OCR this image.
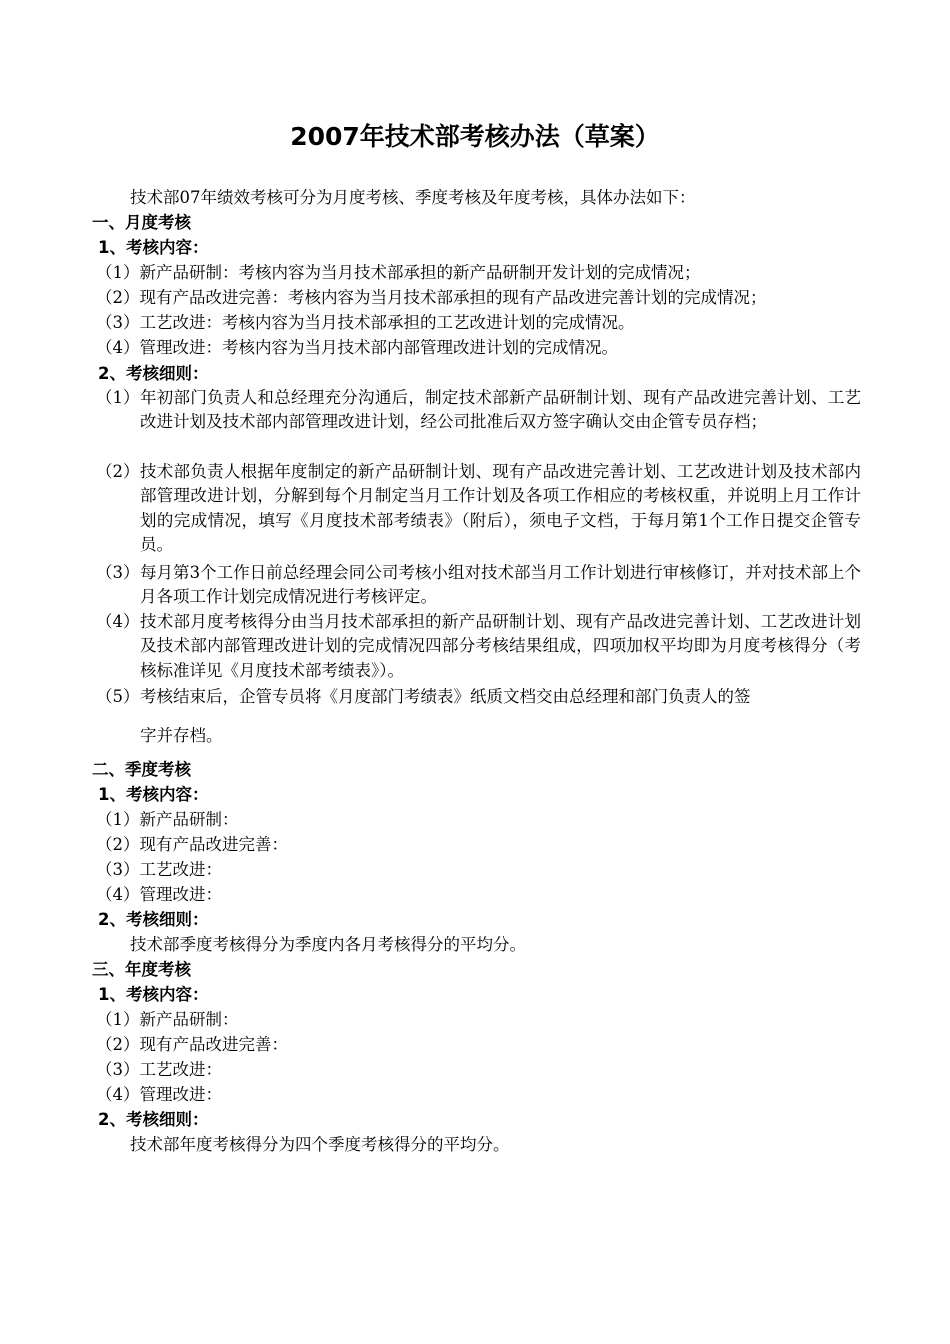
2007年技术部考核办法（草案）
技术部07年绩效考核可分为月度考核、季度考核及年度考核，具体办法如下：
一、月度考核
1、考核内容：
（1）新产品研制：考核内容为当月技术部承担的新产品研制开发计划的完成情况；
（2）现有产品改进完善：考核内容为当月技术部承担的现有产品改进完善计划的完成情况；
（3）工艺改进：考核内容为当月技术部承担的工艺改进计划的完成情况。
（4）管理改进：考核内容为当月技术部内部管理改进计划的完成情况。
2、考核细则：
（1） 年初部门负责人和总经理充分沟通后，制定技术部新产品研制计划、现有产品改进完善计划、工艺改进计划及技术部内部管理改进计划，经公司批准后双方签字确认交由企管专员存档；
（2） 技术部负责人根据年度制定的新产品研制计划、现有产品改进完善计划、工艺改进计划及技术部内部管理改进计划，分解到每个月制定当月工作计划及各项工作相应的考核权重，并说明上月工作计划的完成情况，填写《月度技术部考绩表》（附后），须电子文档，于每月第1个工作日提交企管专员。
（3） 每月第3个工作日前总经理会同公司考核小组对技术部当月工作计划进行审核修订，并对技术部上个月各项工作计划完成情况进行考核评定。
（4） 技术部月度考核得分由当月技术部承担的新产品研制计划、现有产品改进完善计划、工艺改进计划及技术部内部管理改进计划的完成情况四部分考核结果组成，四项加权平均即为月度考核得分（考核标准详见《月度技术部考绩表》）。
（5） 考核结束后，企管专员将《月度部门考绩表》纸质文档交由总经理和部门负责人的签
字并存档。
二、季度考核
1、考核内容：
（1）新产品研制：
（2）现有产品改进完善：
（3）工艺改进：
（4）管理改进：
2、考核细则：
技术部季度考核得分为季度内各月考核得分的平均分。
三、年度考核
1、考核内容：
（1）新产品研制：
（2）现有产品改进完善：
（3）工艺改进：
（4）管理改进：
2、考核细则：
技术部年度考核得分为四个季度考核得分的平均分。
